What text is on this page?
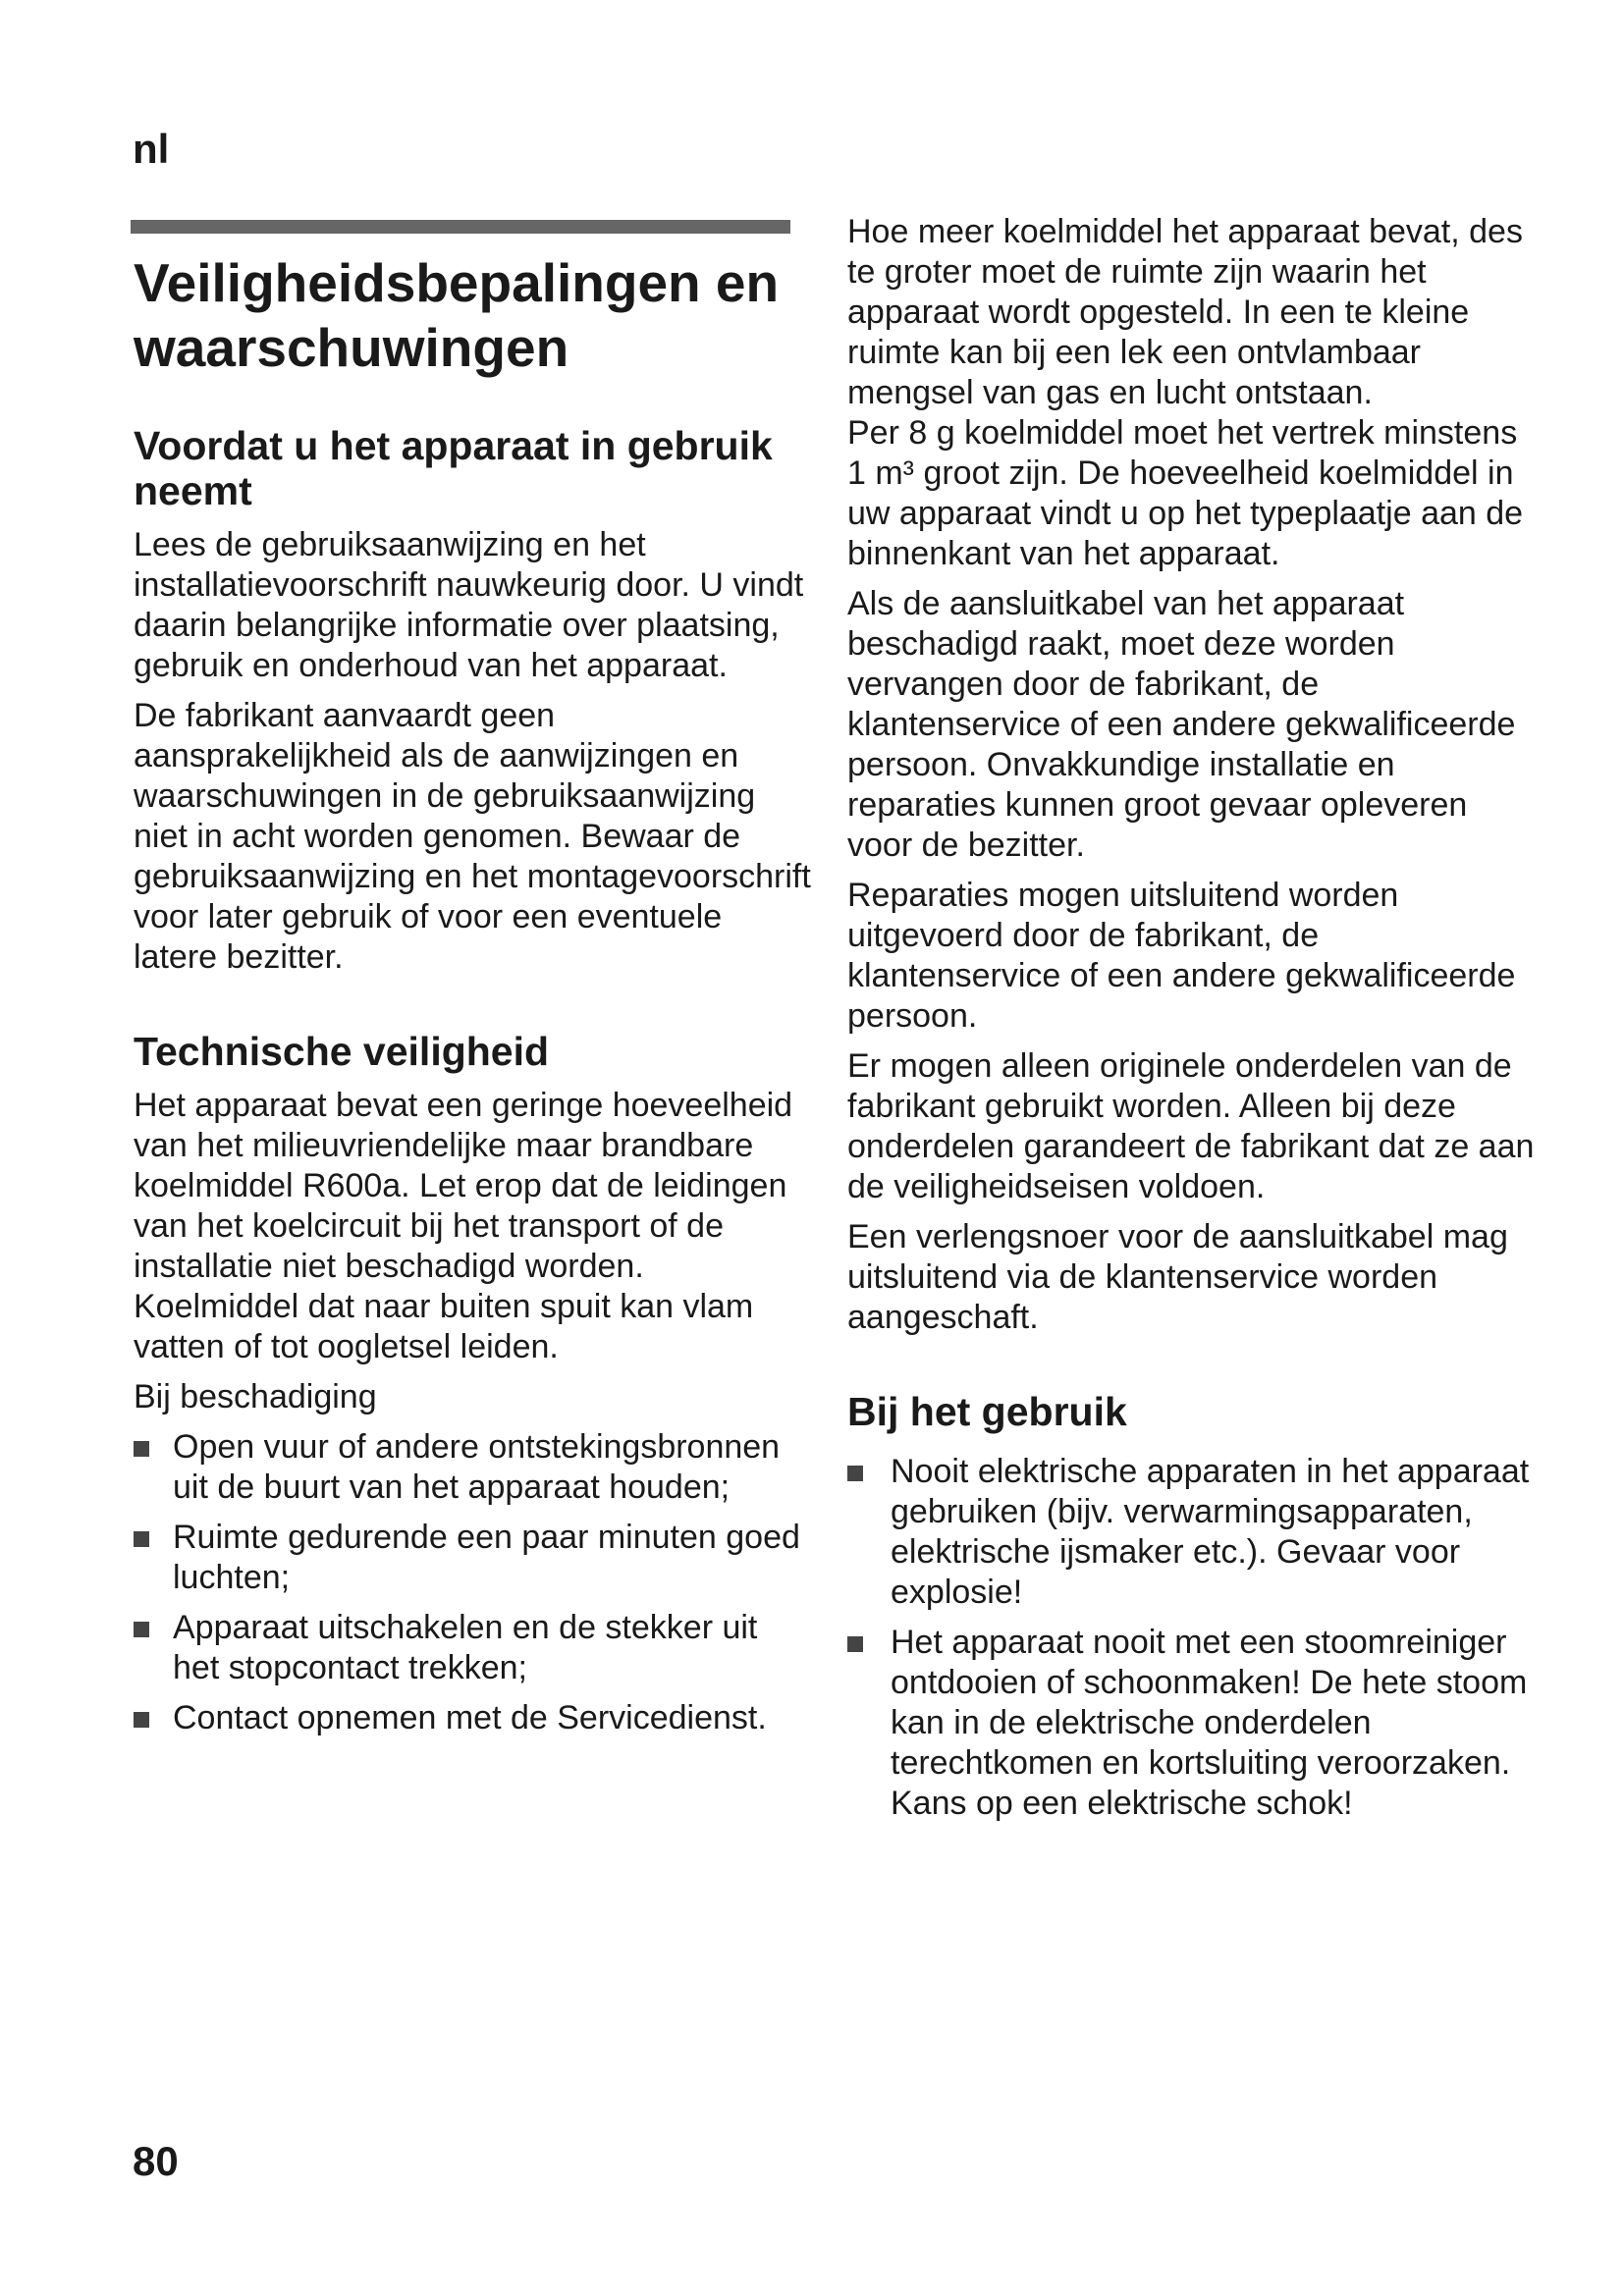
nl
Veiligheidsbepalingen en waarschuwingen
Voordat u het apparaat in gebruik neemt

Lees de gebruiksaanwijzing en het installatievoorschrift nauwkeurig door. U vindt daarin belangrijke informatie over plaatsing, gebruik en onderhoud van het apparaat.

De fabrikant aanvaardt geen aansprakelijkheid als de aanwijzingen en waarschuwingen in de gebruiksaanwijzing niet in acht worden genomen. Bewaar de gebruiksaanwijzing en het montagevoorschrift voor later gebruik of voor een eventuele latere bezitter.

Technische veiligheid

Het apparaat bevat een geringe hoeveelheid van het milieuvriendelijke maar brandbare koelmiddel R600a. Let erop dat de leidingen van het koelcircuit bij het transport of de installatie niet beschadigd worden. Koelmiddel dat naar buiten spuit kan vlam vatten of tot oogletsel leiden.

Bij beschadiging

Open vuur of andere ontstekingsbronnen uit de buurt van het apparaat houden;
Ruimte gedurende een paar minuten goed luchten;
Apparaat uitschakelen en de stekker uit het stopcontact trekken;
Contact opnemen met de Servicedienst.

Hoe meer koelmiddel het apparaat bevat, des te groter moet de ruimte zijn waarin het apparaat wordt opgesteld. In een te kleine ruimte kan bij een lek een ontvlambaar mengsel van gas en lucht ontstaan.

Per 8 g koelmiddel moet het vertrek minstens 1 m³ groot zijn. De hoeveelheid koelmiddel in uw apparaat vindt u op het typeplaatje aan de binnenkant van het apparaat.

Als de aansluitkabel van het apparaat beschadigd raakt, moet deze worden vervangen door de fabrikant, de klantenservice of een andere gekwalificeerde persoon. Onvakkundige installatie en reparaties kunnen groot gevaar opleveren voor de bezitter.

Reparaties mogen uitsluitend worden uitgevoerd door de fabrikant, de klantenservice of een andere gekwalificeerde persoon.

Er mogen alleen originele onderdelen van de fabrikant gebruikt worden. Alleen bij deze onderdelen garandeert de fabrikant dat ze aan de veiligheidseisen voldoen.

Een verlengsnoer voor de aansluitkabel mag uitsluitend via de klantenservice worden aangeschaft.

Bij het gebruik
Nooit elektrische apparaten in het apparaat gebruiken (bijv. verwarmingsapparaten, elektrische ijsmaker etc.). Gevaar voor explosie!
Het apparaat nooit met een stoomreiniger ontdooien of schoonmaken! De hete stoom kan in de elektrische onderdelen terechtkomen en kortsluiting veroorzaken. Kans op een elektrische schok!
80
